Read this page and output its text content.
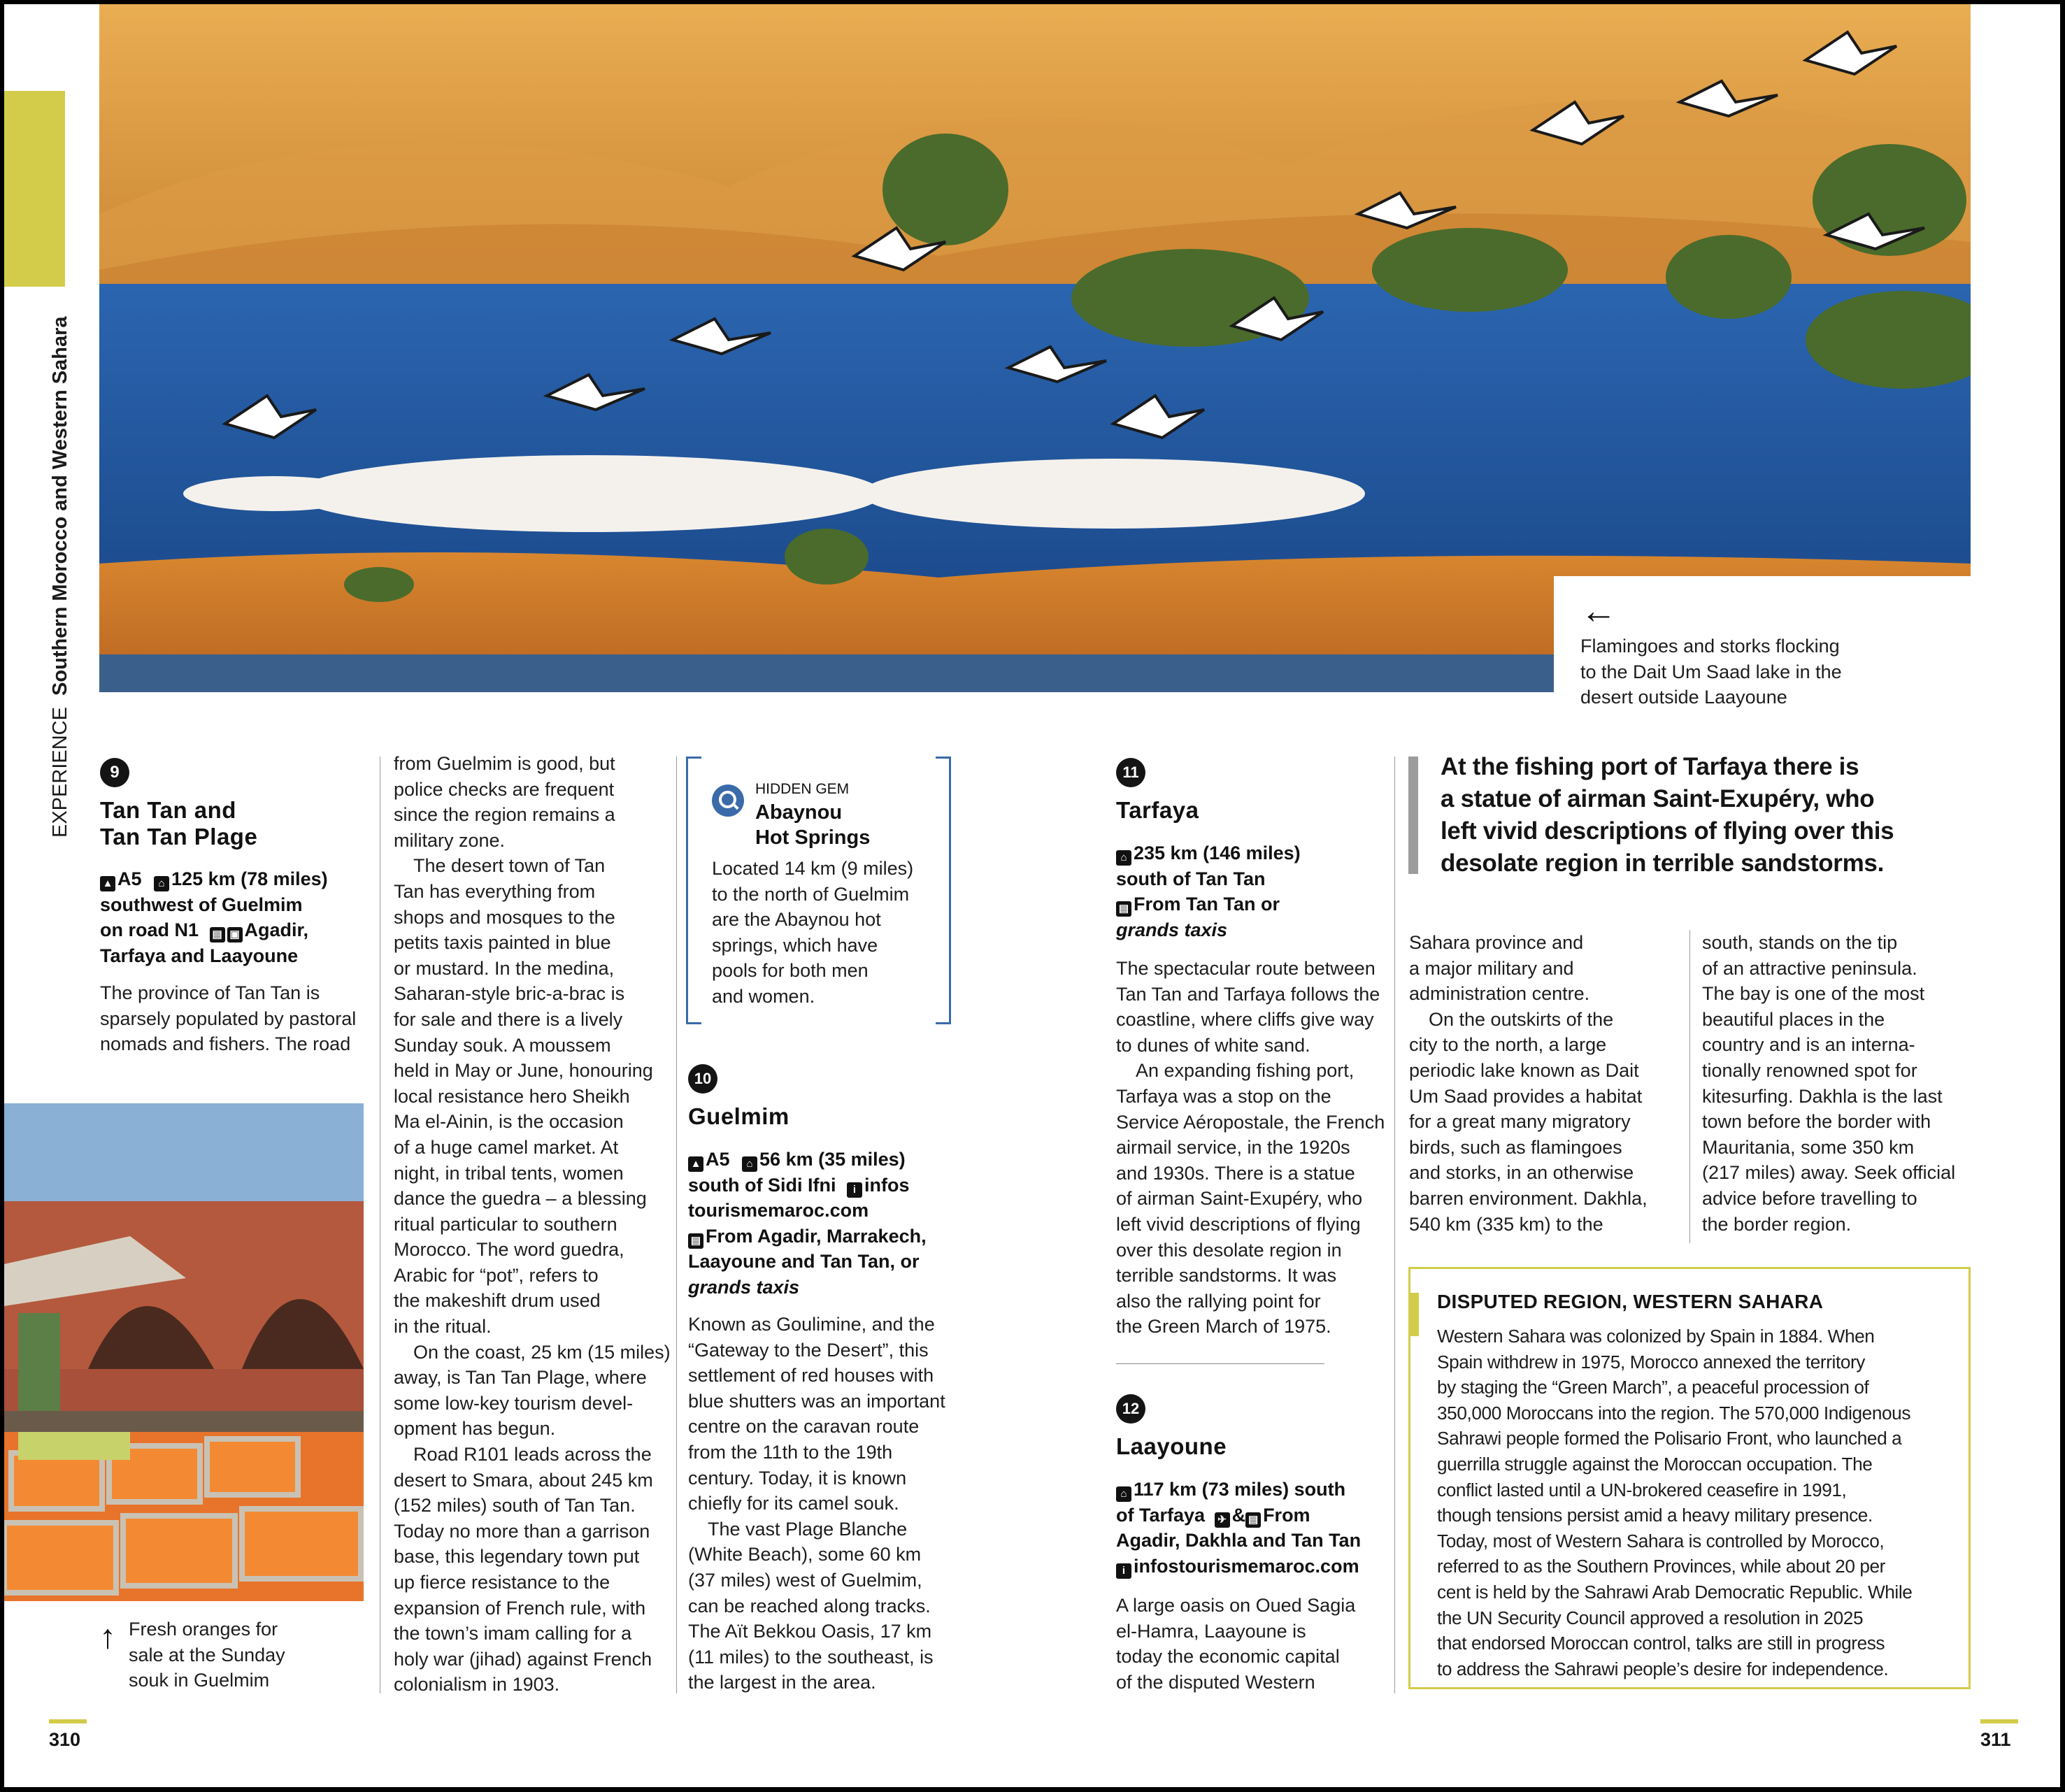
EXPERIENCE Southern Morocco and Western Sahara	←
Flamingoes and storks flocking
to the Dait Um Saad lake in the
desert outside Laayoune
↑ Fresh oranges for
sale at the Sunday
souk in Guelmim
9
Tan Tan and
Tan Tan Plage
▲ A5 ⌂ 125 km (78 miles)
southwest of Guelmim
on road N1 ▤ ▣ Agadir,
Tarfaya and Laayoune
The province of Tan Tan is
sparsely populated by pastoral
nomads and fishers. The road
from Guelmim is good, but
police checks are frequent
since the region remains a
military zone.
The desert town of Tan
Tan has everything from
shops and mosques to the
petits taxis painted in blue
or mustard. In the medina,
Saharan-style bric-a-brac is
for sale and there is a lively
Sunday souk. A moussem
held in May or June, honouring
local resistance hero Sheikh
Ma el-Ainin, is the occasion
of a huge camel market. At
night, in tribal tents, women
dance the guedra – a blessing
ritual particular to southern
Morocco. The word guedra,
Arabic for “pot”, refers to
the makeshift drum used
in the ritual.
On the coast, 25 km (15 miles)
away, is Tan Tan Plage, where
some low-key tourism devel-
opment has begun.
Road R101 leads across the
desert to Smara, about 245 km
(152 miles) south of Tan Tan.
Today no more than a garrison
base, this legendary town put
up fierce resistance to the
expansion of French rule, with
the town’s imam calling for a
holy war (jihad) against French
colonialism in 1903.
HIDDEN GEM
Abaynou
Hot Springs
Located 14 km (9 miles)
to the north of Guelmim
are the Abaynou hot
springs, which have
pools for both men
and women.
10
Guelmim
▲ A5 ⌂ 56 km (35 miles)
south of Sidi Ifni i infos
tourismemaroc.com
▤ From Agadir, Marrakech,
Laayoune and Tan Tan, or
grands taxis
Known as Goulimine, and the
“Gateway to the Desert”, this
settlement of red houses with
blue shutters was an important
centre on the caravan route
from the 11th to the 19th
century. Today, it is known
chiefly for its camel souk.
The vast Plage Blanche
(White Beach), some 60 km
(37 miles) west of Guelmim,
can be reached along tracks.
The Aït Bekkou Oasis, 17 km
(11 miles) to the southeast, is
the largest in the area.
11
Tarfaya
⌂ 235 km (146 miles)
south of Tan Tan
▤ From Tan Tan or
grands taxis
The spectacular route between
Tan Tan and Tarfaya follows the
coastline, where cliffs give way
to dunes of white sand.
An expanding fishing port,
Tarfaya was a stop on the
Service Aéropostale, the French
airmail service, in the 1920s
and 1930s. There is a statue
of airman Saint-Exupéry, who
left vivid descriptions of flying
over this desolate region in
terrible sandstorms. It was
also the rallying point for
the Green March of 1975.
12
Laayoune
⌂ 117 km (73 miles) south
of Tarfaya ✈ & ▤ From
Agadir, Dakhla and Tan Tan
i infostourismemaroc.com
A large oasis on Oued Sagia
el-Hamra, Laayoune is
today the economic capital
of the disputed Western
At the fishing port of Tarfaya there is
a statue of airman Saint-Exupéry, who
left vivid descriptions of flying over this
desolate region in terrible sandstorms.
Sahara province and
a major military and
administration centre.
On the outskirts of the
city to the north, a large
periodic lake known as Dait
Um Saad provides a habitat
for a great many migratory
birds, such as flamingoes
and storks, in an otherwise
barren environment. Dakhla,
540 km (335 km) to the
south, stands on the tip
of an attractive peninsula.
The bay is one of the most
beautiful places in the
country and is an interna-
tionally renowned spot for
kitesurfing. Dakhla is the last
town before the border with
Mauritania, some 350 km
(217 miles) away. Seek official
advice before travelling to
the border region.
DISPUTED REGION, WESTERN SAHARA
Western Sahara was colonized by Spain in 1884. When
Spain withdrew in 1975, Morocco annexed the territory
by staging the “Green March”, a peaceful procession of
350,000 Moroccans into the region. The 570,000 Indigenous
Sahrawi people formed the Polisario Front, who launched a
guerrilla struggle against the Moroccan occupation. The
conflict lasted until a UN-brokered ceasefire in 1991,
though tensions persist amid a heavy military presence.
Today, most of Western Sahara is controlled by Morocco,
referred to as the Southern Provinces, while about 20 per
cent is held by the Sahrawi Arab Democratic Republic. While
the UN Security Council approved a resolution in 2025
that endorsed Moroccan control, talks are still in progress
to address the Sahrawi people’s desire for independence.
310	311
